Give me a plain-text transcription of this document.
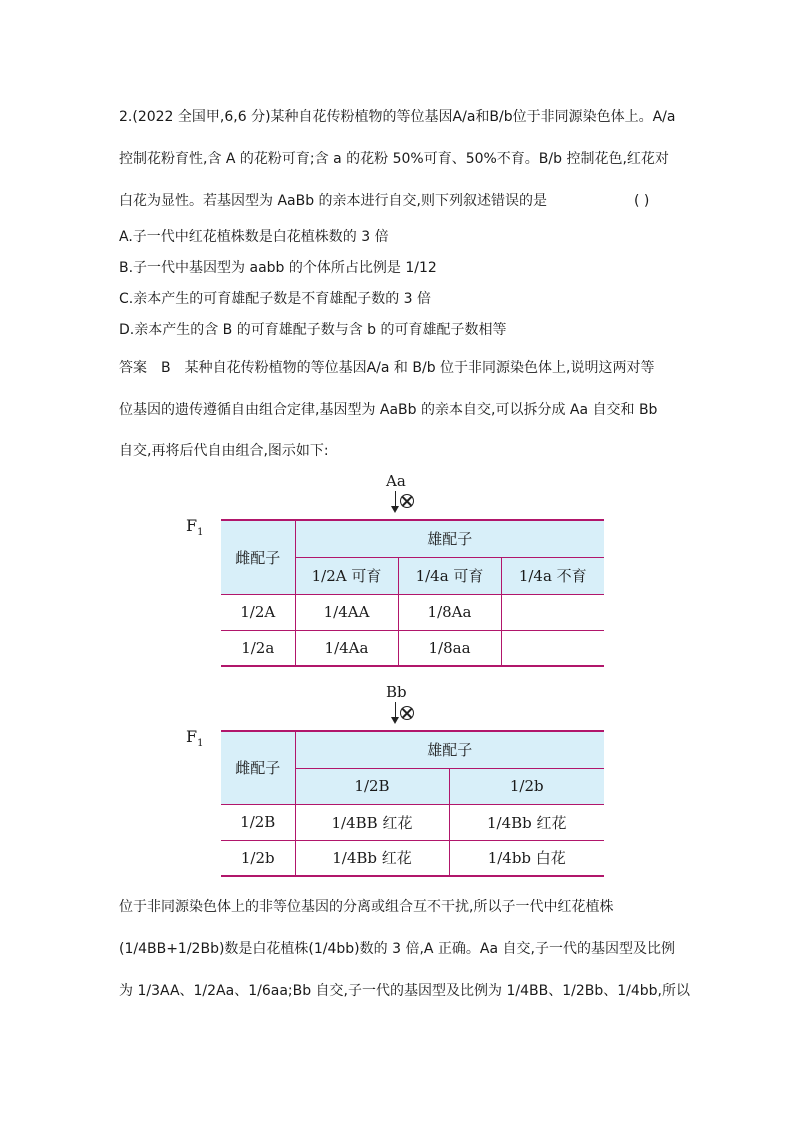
2.(2022 全国甲,6,6 分)某种自花传粉植物的等位基因A/a和B/b位于非同源染色体上。A/a
控制花粉育性,含 A 的花粉可育;含 a 的花粉 50%可育、50%不育。B/b 控制花色,红花对
白花为显性。若基因型为 AaBb 的亲本进行自交,则下列叙述错误的是	( )
A.子一代中红花植株数是白花植株数的 3 倍
B.子一代中基因型为 aabb 的个体所占比例是 1/12
C.亲本产生的可育雄配子数是不育雄配子数的 3 倍
D.亲本产生的含 B 的可育雄配子数与含 b 的可育雄配子数相等
答案　B　某种自花传粉植物的等位基因A/a 和 B/b 位于非同源染色体上,说明这两对等
位基因的遗传遵循自由组合定律,基因型为 AaBb 的亲本自交,可以拆分成 Aa 自交和 Bb
自交,再将后代自由组合,图示如下:
Aa
$F_1$
雌配子	雄配子		
	1/2A 可育	1/4a 可育	1/4a 不育
1/2A	1/4AA	1/8Aa	
1/2a	1/4Aa	1/8aa	
Bb
$F_1$
雌配子	雄配子	
	1/2B	1/2b
1/2B	1/4BB 红花	1/4Bb 红花
1/2b	1/4Bb 红花	1/4bb 白花
位于非同源染色体上的非等位基因的分离或组合互不干扰,所以子一代中红花植株
(1/4BB+1/2Bb)数是白花植株(1/4bb)数的 3 倍,A 正确。Aa 自交,子一代的基因型及比例
为 1/3AA、1/2Aa、1/6aa;Bb 自交,子一代的基因型及比例为 1/4BB、1/2Bb、1/4bb,所以
